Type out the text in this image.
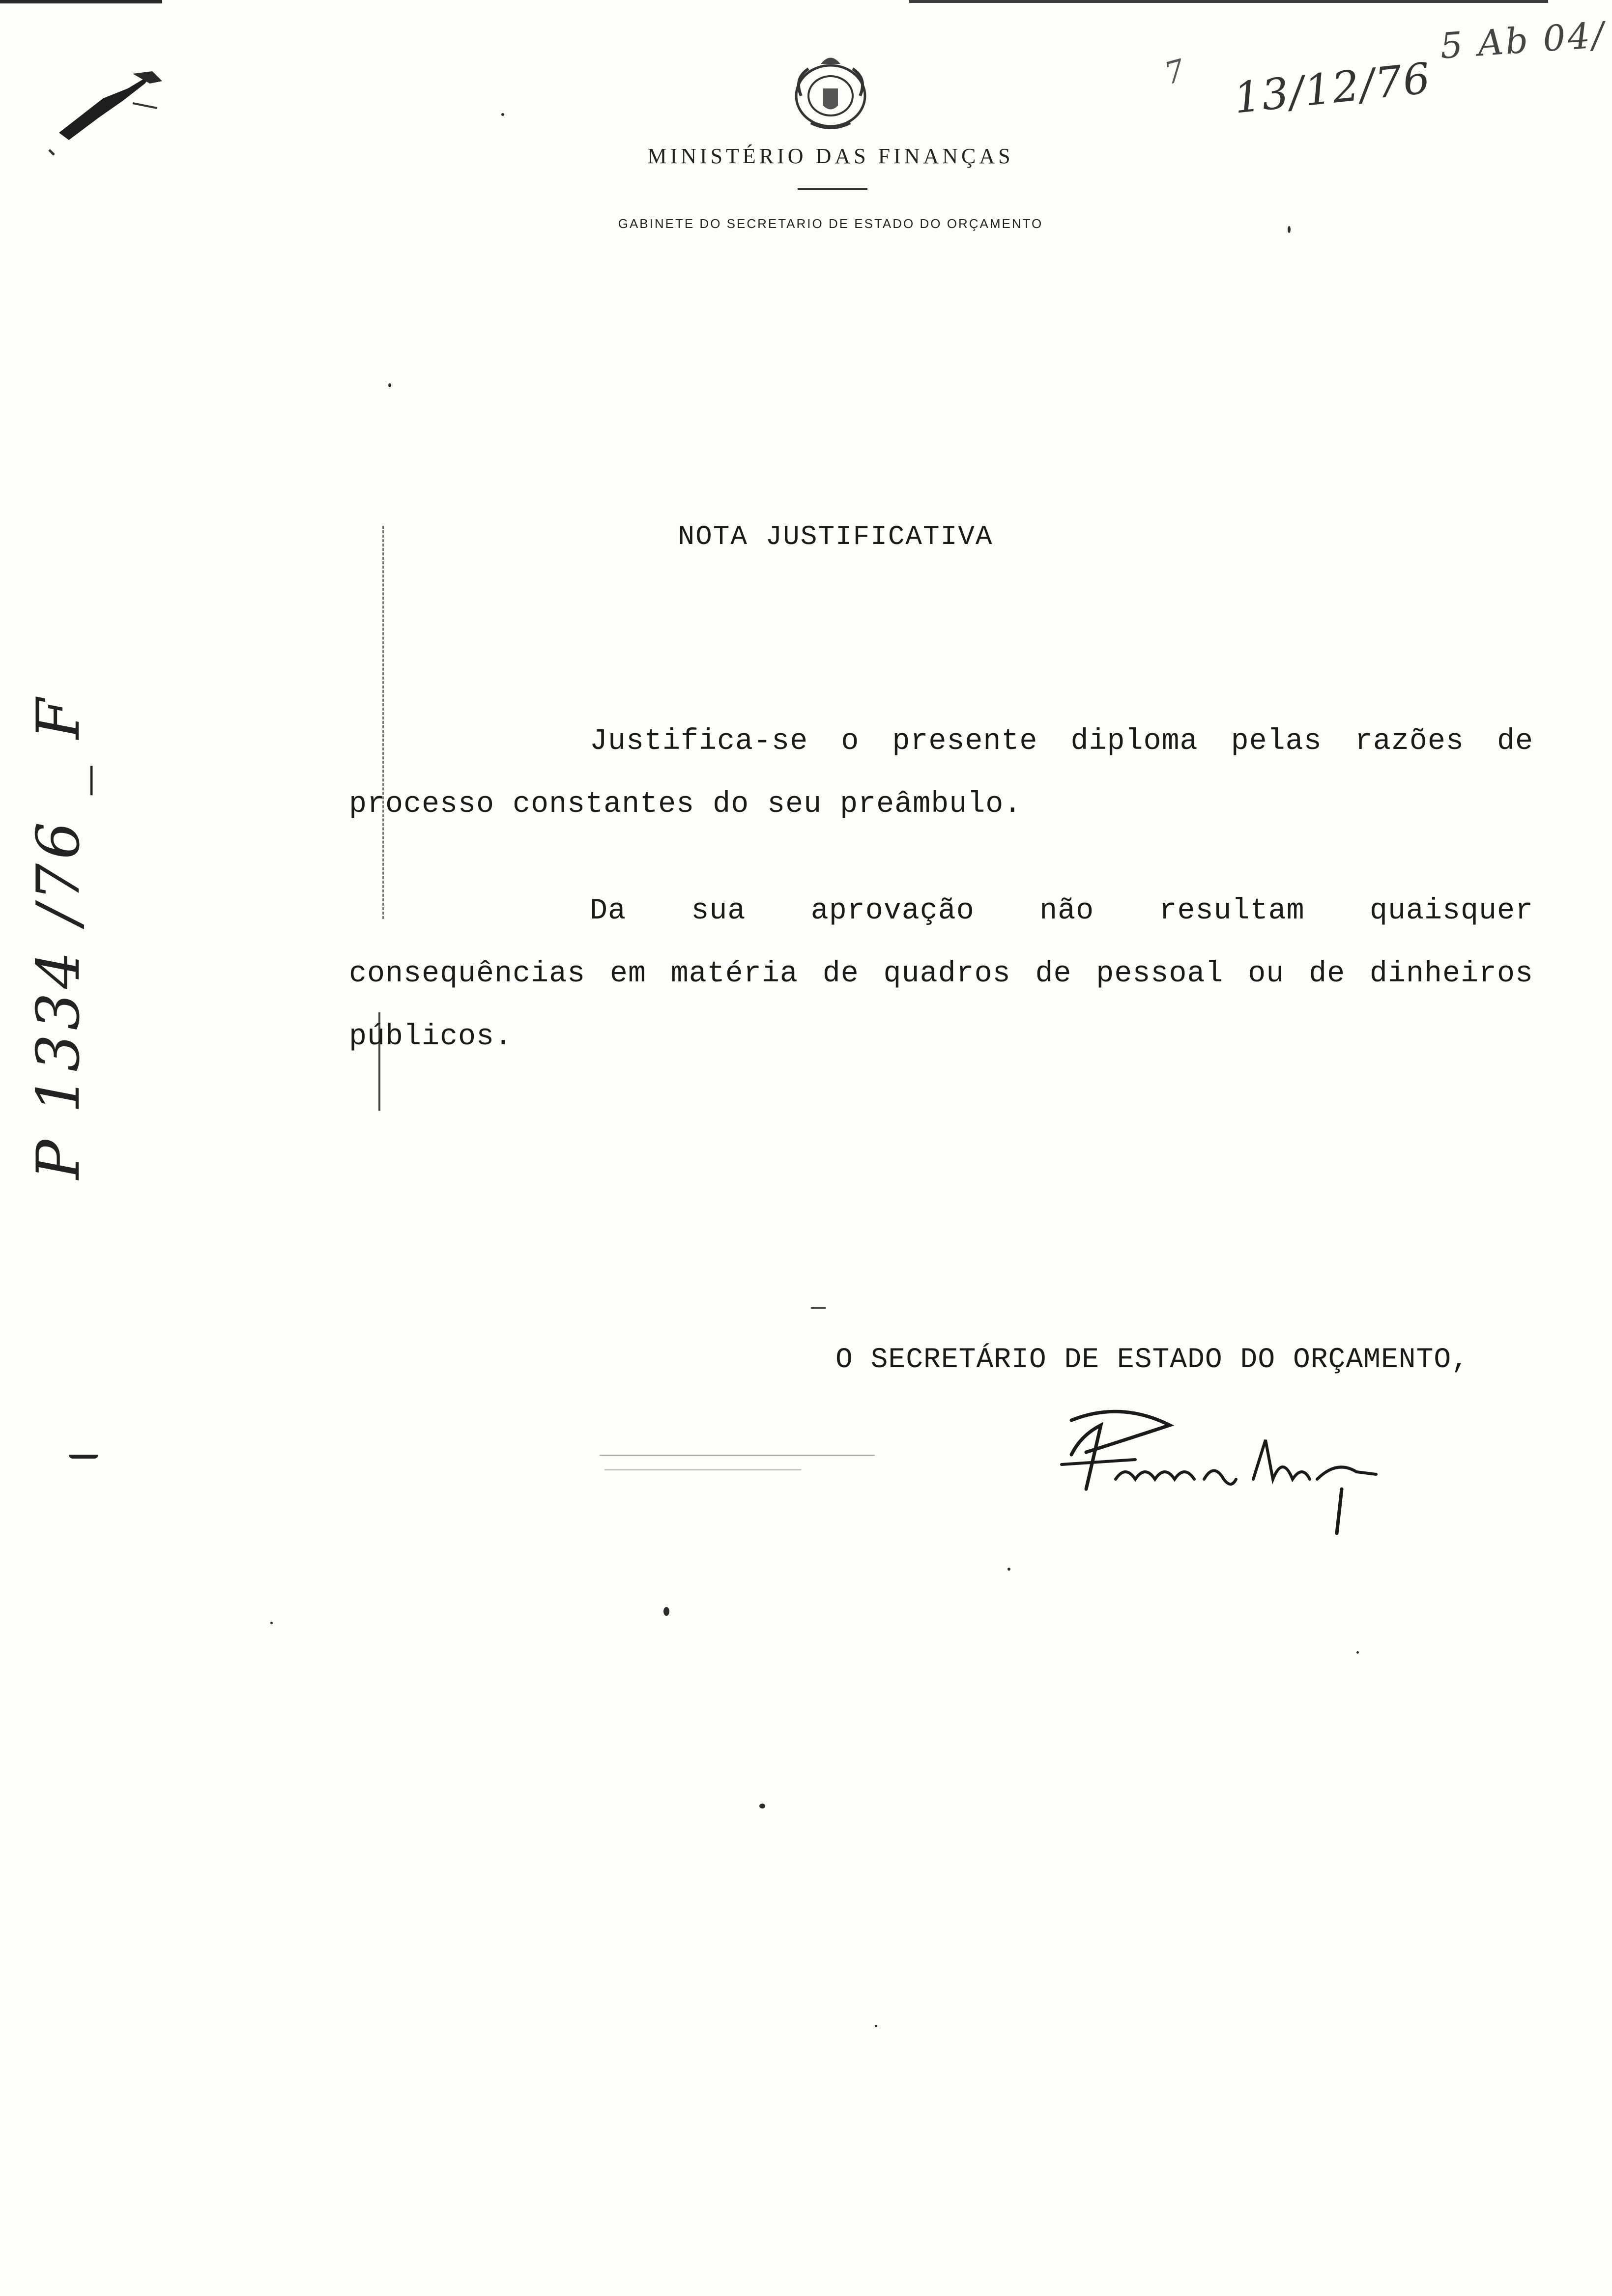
MINISTÉRIO DAS FINANÇAS
GABINETE DO SECRETARIO DE ESTADO DO ORÇAMENTO
7 13/12/76
5 Ab 04/
P 1334 /76 _ F
NOTA JUSTIFICATIVA
Justifica-se o presente diploma pelas razões de processo constantes do seu preâmbulo.
Da sua aprovação não resultam quaisquer consequências em matéria de quadros de pessoal ou de dinheiros públicos.
O SECRETÁRIO DE ESTADO DO ORÇAMENTO,
